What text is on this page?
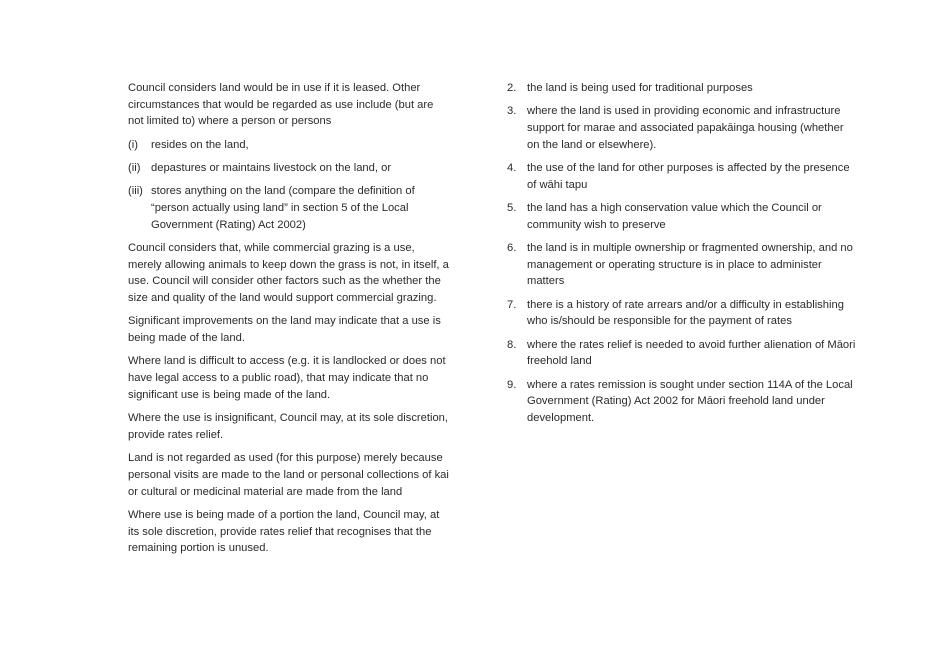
Council considers land would be in use if it is leased. Other circumstances that would be regarded as use include (but are not limited to) where a person or persons

(i)	resides on the land,
(ii) depastures or maintains livestock on the land, or
(iii) stores anything on the land (compare the definition of “person actually using land” in section 5 of the Local Government (Rating) Act 2002)

Council considers that, while commercial grazing is a use, merely allowing animals to keep down the grass is not, in itself, a use. Council will consider other factors such as the whether the size and quality of the land would support commercial grazing.

Significant improvements on the land may indicate that a use is being made of the land.

Where land is difficult to access (e.g. it is landlocked or does not have legal access to a public road), that may indicate that no significant use is being made of the land.

Where the use is insignificant, Council may, at its sole discretion, provide rates relief.

Land is not regarded as used (for this purpose) merely because personal visits are made to the land or personal collections of kai or cultural or medicinal material are made from the land

Where use is being made of a portion the land, Council may, at its sole discretion, provide rates relief that recognises that the remaining portion is unused.

2. the land is being used for traditional purposes
3. where the land is used in providing economic and infrastructure support for marae and associated papakāinga housing (whether on the land or elsewhere).
4. the use of the land for other purposes is affected by the presence of wāhi tapu
5. the land has a high conservation value which the Council or community wish to preserve
6. the land is in multiple ownership or fragmented ownership, and no management or operating structure is in place to administer matters
7. there is a history of rate arrears and/or a difficulty in establishing who is/should be responsible for the payment of rates
8. where the rates relief is needed to avoid further alienation of Māori freehold land
9. where a rates remission is sought under section 114A of the Local Government (Rating) Act 2002 for Māori freehold land under development.
